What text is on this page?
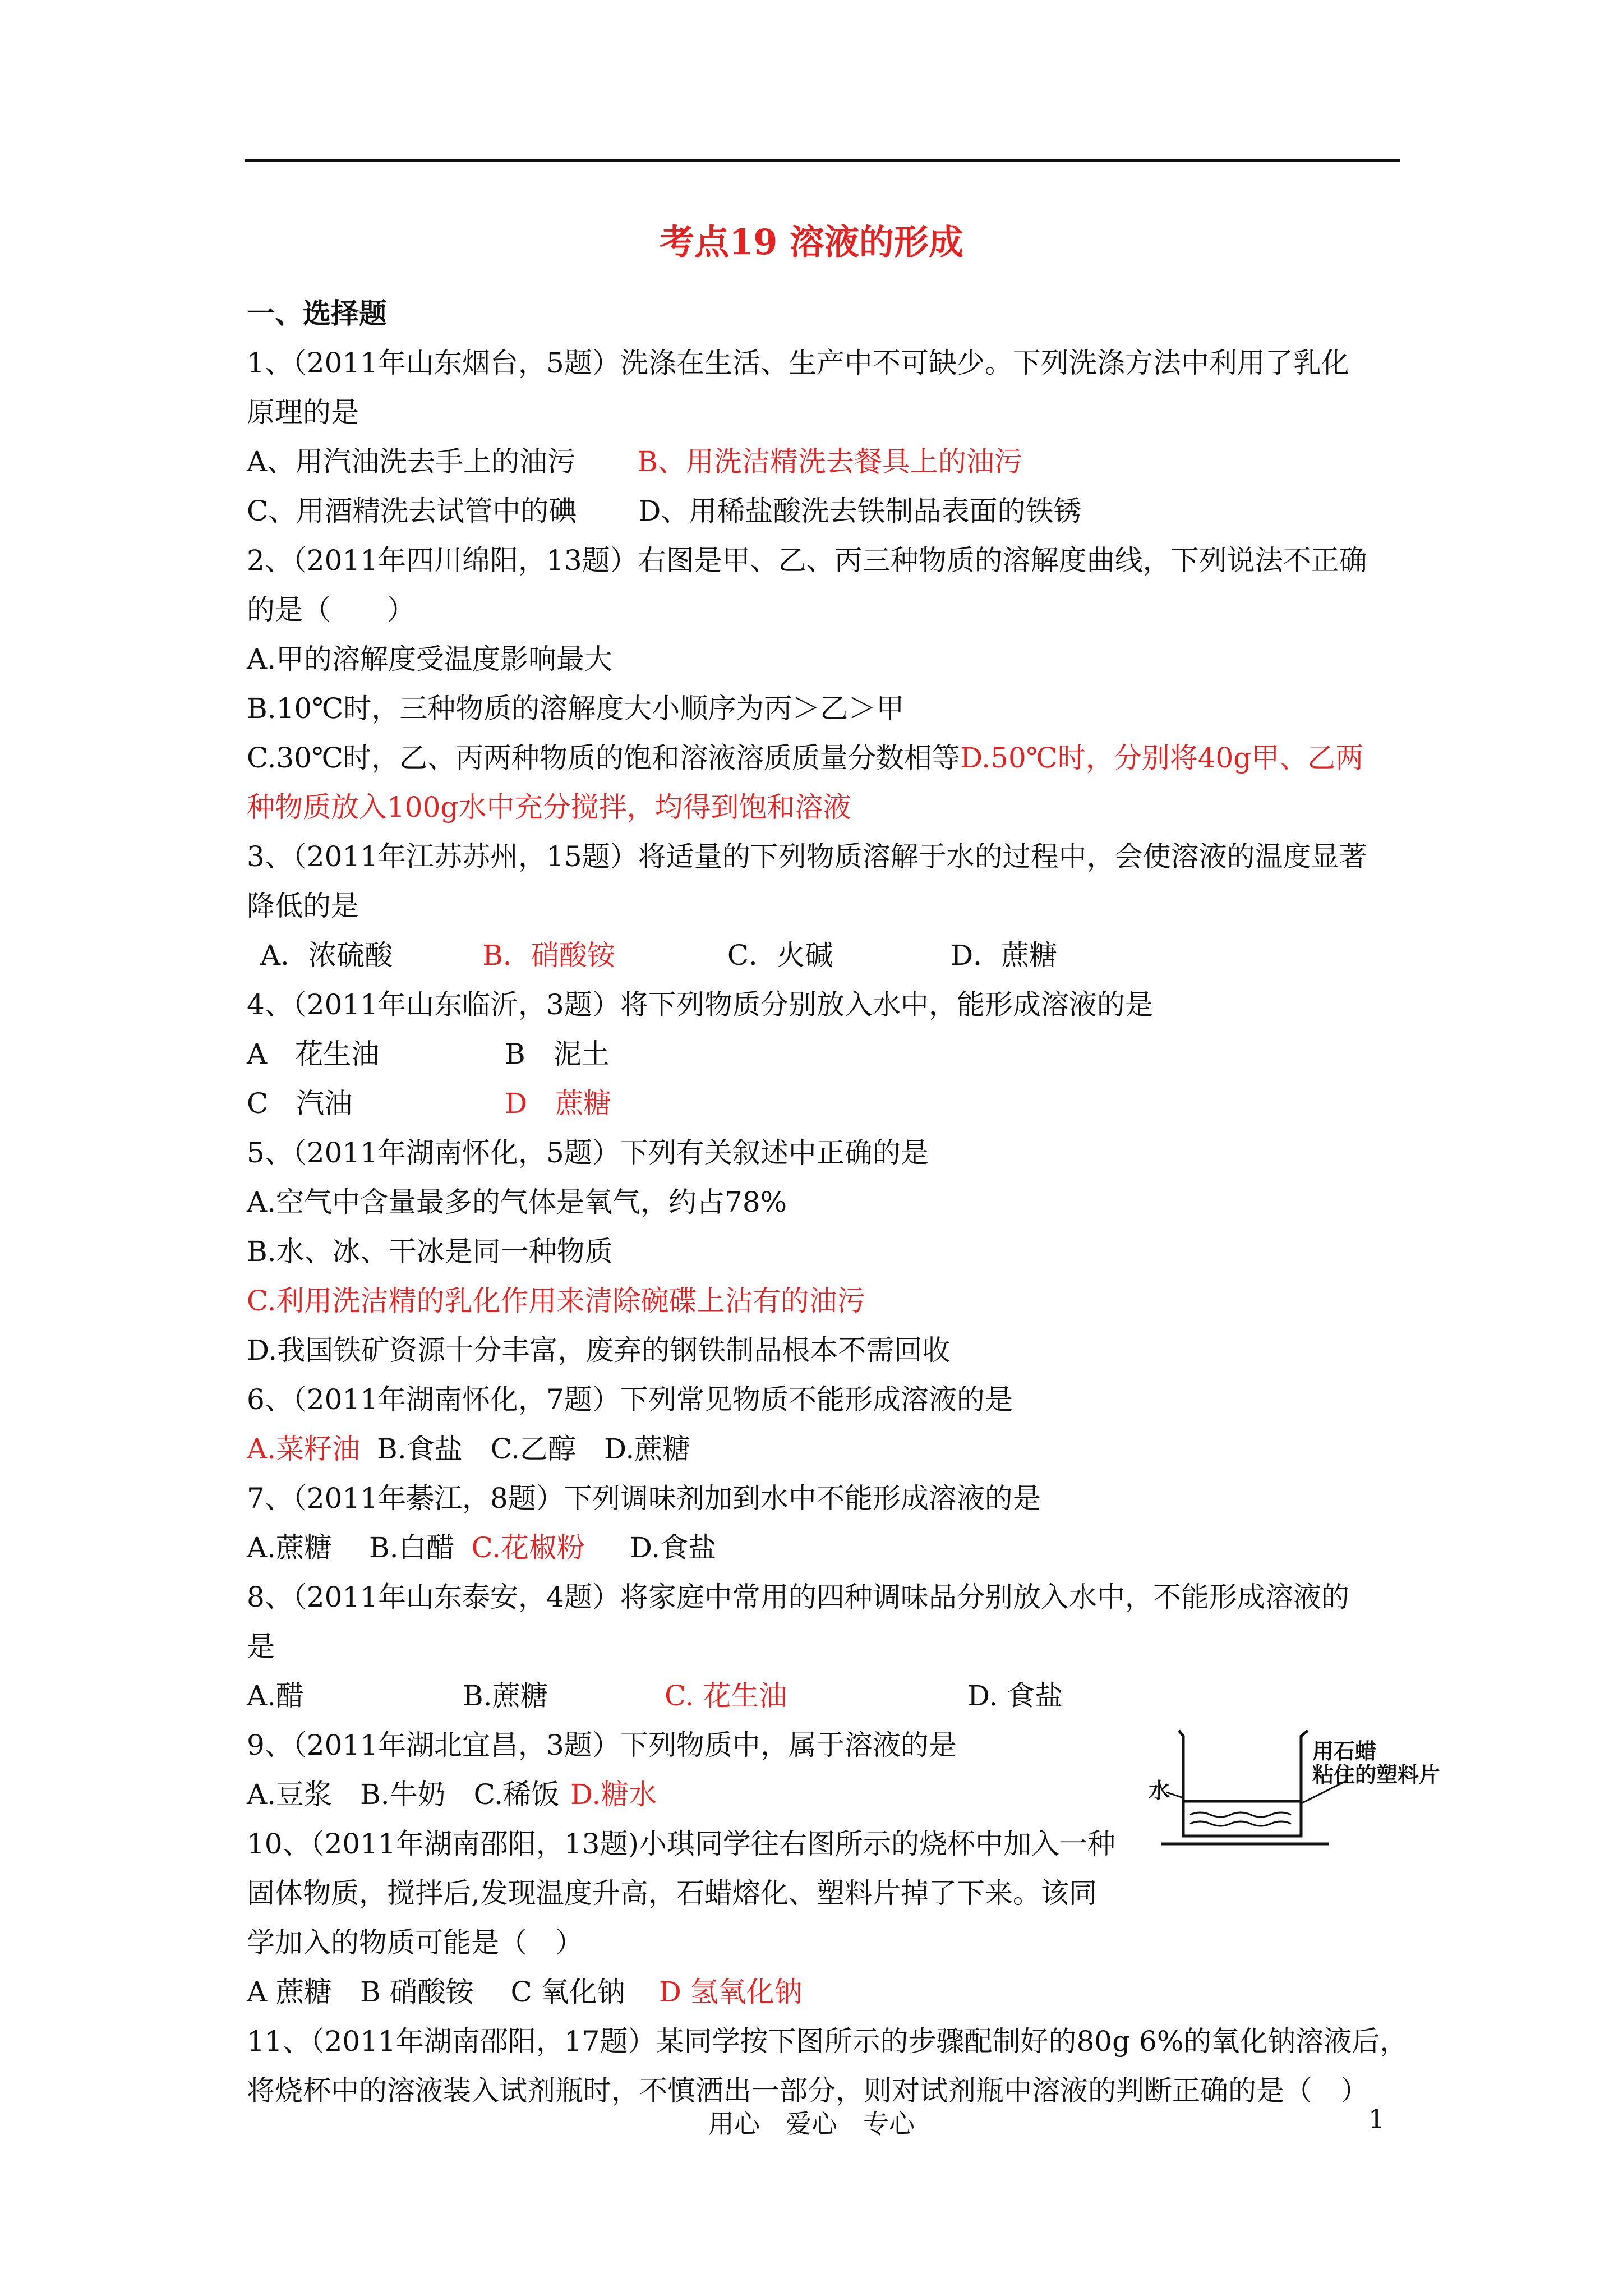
考点19 溶液的形成
一、选择题
1、（2011年山东烟台，5题）洗涤在生活、生产中不可缺少。下列洗涤方法中利用了乳化
原理的是
A、用汽油洗去手上的油污 B、用洗洁精洗去餐具上的油污
C、用酒精洗去试管中的碘 D、用稀盐酸洗去铁制品表面的铁锈
2、（2011年四川绵阳，13题）右图是甲、乙、丙三种物质的溶解度曲线，下列说法不正确
的是（　　）
A.甲的溶解度受温度影响最大
B.10℃时，三种物质的溶解度大小顺序为丙＞乙＞甲
C.30℃时，乙、丙两种物质的饱和溶液溶质质量分数相等D.50℃时，分别将40g甲、乙两
种物质放入100g水中充分搅拌，均得到饱和溶液
3、（2011年江苏苏州，15题）将适量的下列物质溶解于水的过程中，会使溶液的温度显著
降低的是
A．浓硫酸	B．硝酸铵	C．火碱	D．蔗糖
4、（2011年山东临沂，3题）将下列物质分别放入水中，能形成溶液的是
A　花生油	B　泥土
C　汽油	D　蔗糖
5、（2011年湖南怀化，5题）下列有关叙述中正确的是
A.空气中含量最多的气体是氧气，约占78%
B.水、冰、干冰是同一种物质
C.利用洗洁精的乳化作用来清除碗碟上沾有的油污
D.我国铁矿资源十分丰富，废弃的钢铁制品根本不需回收
6、（2011年湖南怀化，7题）下列常见物质不能形成溶液的是
A.菜籽油 B.食盐　C.乙醇　D.蔗糖
7、（2011年綦江，8题）下列调味剂加到水中不能形成溶液的是
A.蔗糖　 B.白醋 C.花椒粉 D.食盐
8、（2011年山东泰安，4题）将家庭中常用的四种调味品分别放入水中，不能形成溶液的
是
A.醋	B.蔗糖	C. 花生油	D. 食盐
9、（2011年湖北宜昌，3题）下列物质中，属于溶液的是
A.豆浆　B.牛奶　C.稀饭 D.糖水
10、（2011年湖南邵阳，13题)小琪同学往右图所示的烧杯中加入一种
固体物质，搅拌后,发现温度升高，石蜡熔化、塑料片掉了下来。该同
学加入的物质可能是（　）
A 蔗糖　B 硝酸铵　 C 氧化钠 D 氢氧化钠
11、（2011年湖南邵阳，17题）某同学按下图所示的步骤配制好的80g 6%的氧化钠溶液后，
将烧杯中的溶液装入试剂瓶时，不慎洒出一部分，则对试剂瓶中溶液的判断正确的是（　）
水
用石蜡
粘住的塑料片
用心　爱心　专心	1
